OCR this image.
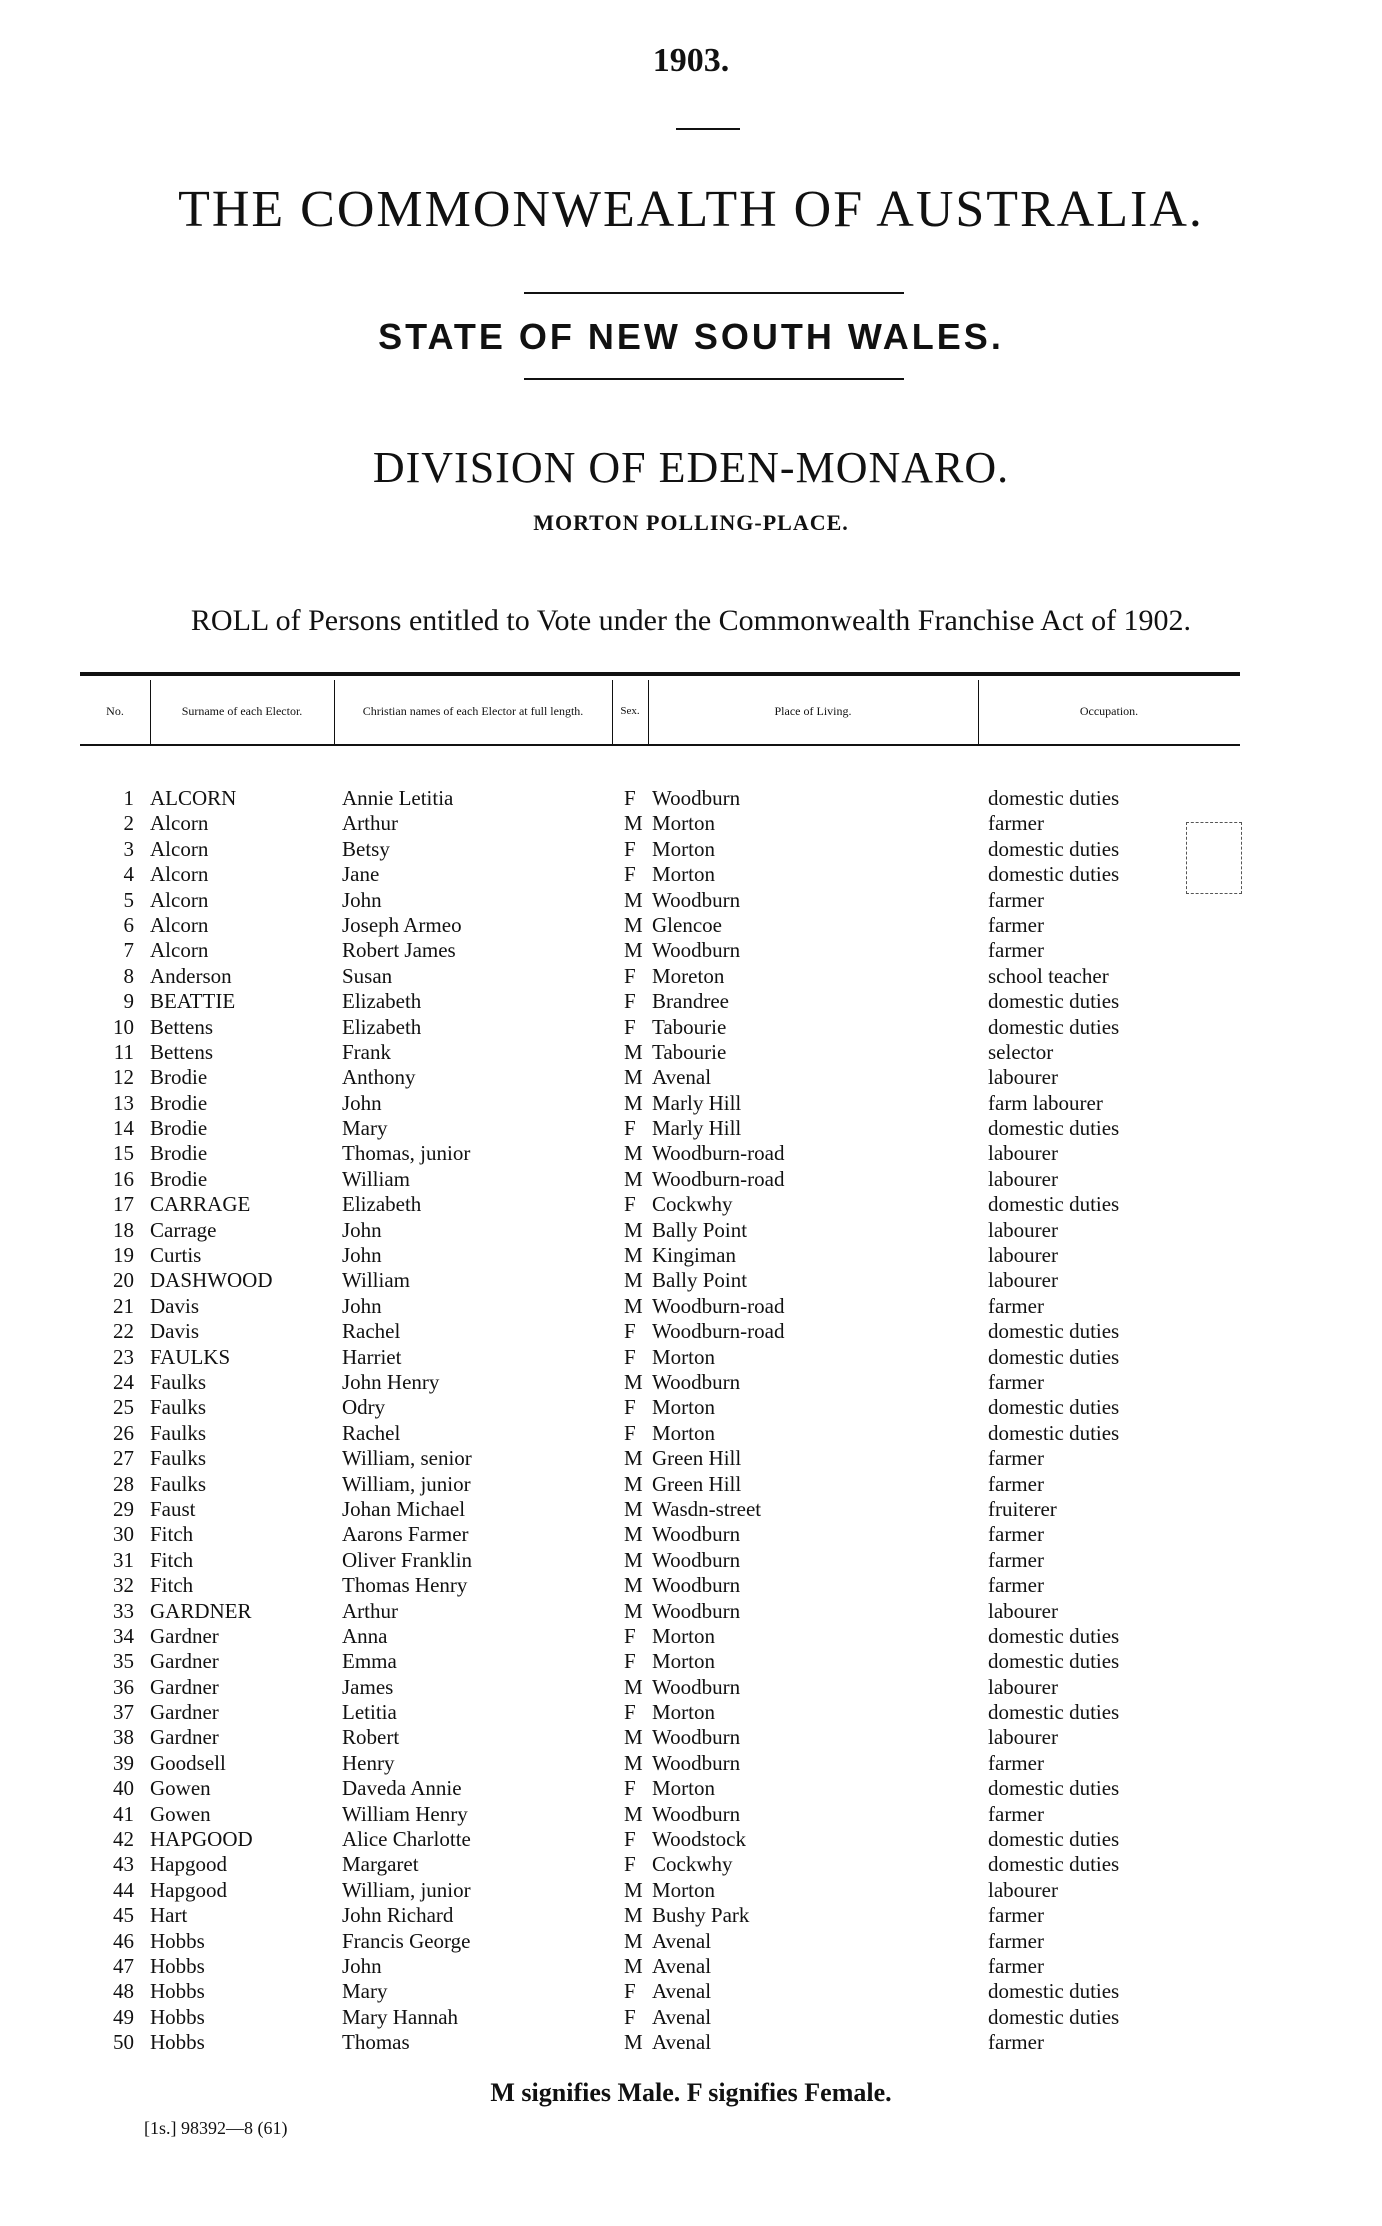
1903.
THE COMMONWEALTH OF AUSTRALIA.
STATE OF NEW SOUTH WALES.
DIVISION OF EDEN-MONARO.
MORTON POLLING-PLACE.
ROLL of Persons entitled to Vote under the Commonwealth Franchise Act of 1902.
No.	Surname of each Elector.	Christian names of each Elector at full length.	Sex.	Place of Living.	Occupation.
1 ALCORN	Annie Letitia	F Woodburn	domestic duties
2 Alcorn	Arthur	M Morton	farmer
3 Alcorn	Betsy	F Morton	domestic duties
4 Alcorn	Jane	F Morton	domestic duties
5 Alcorn	John	M Woodburn	farmer
6 Alcorn	Joseph Armeo	M Glencoe	farmer
7 Alcorn	Robert James	M Woodburn	farmer
8 Anderson	Susan	F Moreton	school teacher
9 BEATTIE	Elizabeth	F Brandree	domestic duties
10 Bettens	Elizabeth	F Tabourie	domestic duties
11 Bettens	Frank	M Tabourie	selector
12 Brodie	Anthony	M Avenal	labourer
13 Brodie	John	M Marly Hill	farm labourer
14 Brodie	Mary	F Marly Hill	domestic duties
15 Brodie	Thomas, junior	M Woodburn-road	labourer
16 Brodie	William	M Woodburn-road	labourer
17 CARRAGE	Elizabeth	F Cockwhy	domestic duties
18 Carrage	John	M Bally Point	labourer
19 Curtis	John	M Kingiman	labourer
20 DASHWOOD	William	M Bally Point	labourer
21 Davis	John	M Woodburn-road	farmer
22 Davis	Rachel	F Woodburn-road	domestic duties
23 FAULKS	Harriet	F Morton	domestic duties
24 Faulks	John Henry	M Woodburn	farmer
25 Faulks	Odry	F Morton	domestic duties
26 Faulks	Rachel	F Morton	domestic duties
27 Faulks	William, senior	M Green Hill	farmer
28 Faulks	William, junior	M Green Hill	farmer
29 Faust	Johan Michael	M Wasdn-street	fruiterer
30 Fitch	Aarons Farmer	M Woodburn	farmer
31 Fitch	Oliver Franklin	M Woodburn	farmer
32 Fitch	Thomas Henry	M Woodburn	farmer
33 GARDNER	Arthur	M Woodburn	labourer
34 Gardner	Anna	F Morton	domestic duties
35 Gardner	Emma	F Morton	domestic duties
36 Gardner	James	M Woodburn	labourer
37 Gardner	Letitia	F Morton	domestic duties
38 Gardner	Robert	M Woodburn	labourer
39 Goodsell	Henry	M Woodburn	farmer
40 Gowen	Daveda Annie	F Morton	domestic duties
41 Gowen	William Henry	M Woodburn	farmer
42 HAPGOOD	Alice Charlotte	F Woodstock	domestic duties
43 Hapgood	Margaret	F Cockwhy	domestic duties
44 Hapgood	William, junior	M Morton	labourer
45 Hart	John Richard	M Bushy Park	farmer
46 Hobbs	Francis George	M Avenal	farmer
47 Hobbs	John	M Avenal	farmer
48 Hobbs	Mary	F Avenal	domestic duties
49 Hobbs	Mary Hannah	F Avenal	domestic duties
50 Hobbs	Thomas	M Avenal	farmer
M signifies Male. F signifies Female.
[1s.] 98392—8 (61)
